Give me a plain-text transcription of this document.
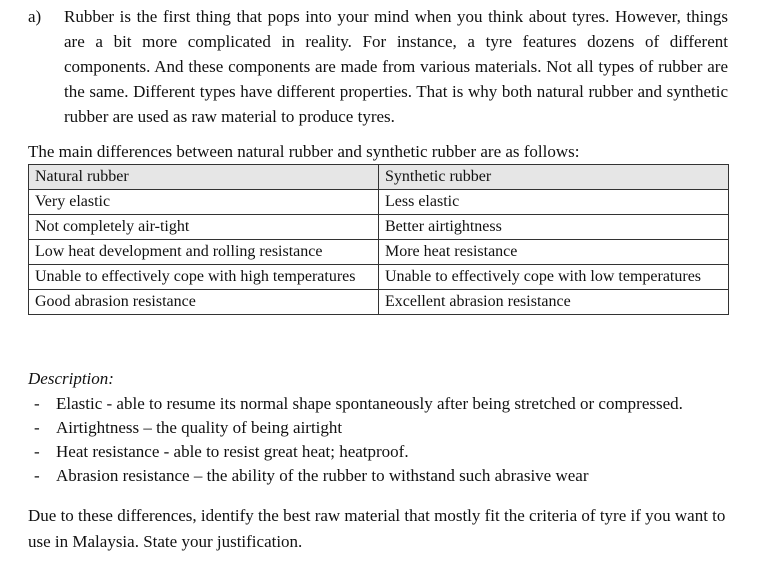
a) Rubber is the first thing that pops into your mind when you think about tyres. However, things are a bit more complicated in reality. For instance, a tyre features dozens of different components. And these components are made from various materials. Not all types of rubber are the same. Different types have different properties. That is why both natural rubber and synthetic rubber are used as raw material to produce tyres.
The main differences between natural rubber and synthetic rubber are as follows:
Natural rubber	Synthetic rubber
Very elastic	Less elastic
Not completely air-tight	Better airtightness
Low heat development and rolling resistance	More heat resistance
Unable to effectively cope with high temperatures	Unable to effectively cope with low temperatures
Good abrasion resistance	Excellent abrasion resistance
Description:
- Elastic - able to resume its normal shape spontaneously after being stretched or compressed.
- Airtightness – the quality of being airtight
- Heat resistance - able to resist great heat; heatproof.
- Abrasion resistance – the ability of the rubber to withstand such abrasive wear
Due to these differences, identify the best raw material that mostly fit the criteria of tyre if you want to use in Malaysia. State your justification.
